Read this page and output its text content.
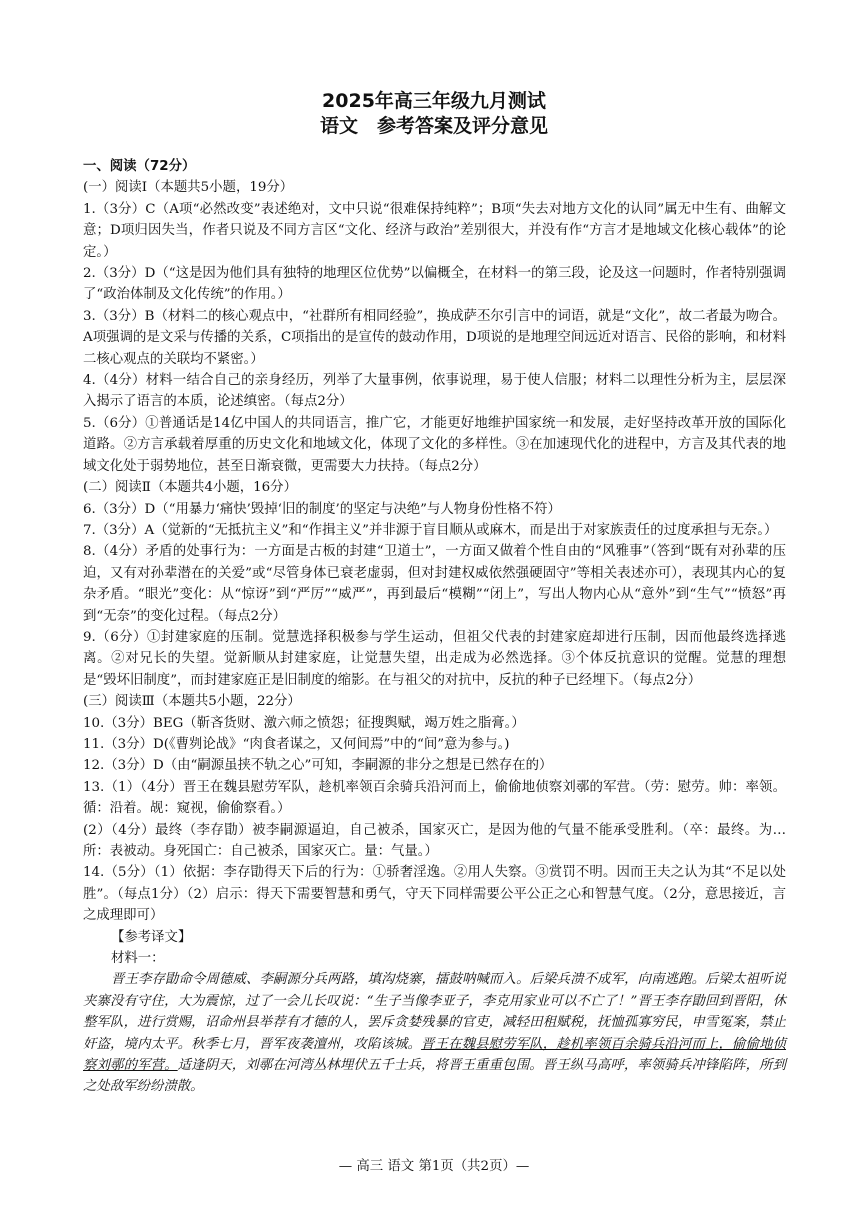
2025年高三年级九月测试
语文　参考答案及评分意见

一、阅读（72分）

(一）阅读Ⅰ（本题共5小题，19分）

1.（3分）C（A项“必然改变”表述绝对，文中只说“很难保持纯粹”；B项“失去对地方文化的认同”属无中生有、曲解文意；D项归因失当，作者只说及不同方言区“文化、经济与政治”差别很大，并没有作“方言才是地域文化核心载体”的论定。）

2.（3分）D（“这是因为他们具有独特的地理区位优势”以偏概全，在材料一的第三段，论及这一问题时，作者特别强调了“政治体制及文化传统”的作用。）

3.（3分）B（材料二的核心观点中，“社群所有相同经验”，换成萨丕尔引言中的词语，就是“文化”，故二者最为吻合。A项强调的是文采与传播的关系，C项指出的是宣传的鼓动作用，D项说的是地理空间远近对语言、民俗的影响，和材料二核心观点的关联均不紧密。）

4.（4分）材料一结合自己的亲身经历，列举了大量事例，依事说理，易于使人信服；材料二以理性分析为主，层层深入揭示了语言的本质，论述缜密。（每点2分）

5.（6分）①普通话是14亿中国人的共同语言，推广它，才能更好地维护国家统一和发展，走好坚持改革开放的国际化道路。②方言承载着厚重的历史文化和地域文化，体现了文化的多样性。③在加速现代化的进程中，方言及其代表的地域文化处于弱势地位，甚至日渐衰微，更需要大力扶持。（每点2分）

(二）阅读Ⅱ（本题共4小题，16分）

6.（3分）D（“用暴力‘痛快’毁掉‘旧的制度’的坚定与决绝”与人物身份性格不符）

7.（3分）A（觉新的“无抵抗主义”和“作揖主义”并非源于盲目顺从或麻木，而是出于对家族责任的过度承担与无奈。）

8.（4分）矛盾的处事行为：一方面是古板的封建“卫道士”，一方面又做着个性自由的“风雅事”（答到“既有对孙辈的压迫，又有对孙辈潜在的关爱”或“尽管身体已衰老虚弱，但对封建权威依然强硬固守”等相关表述亦可），表现其内心的复杂矛盾。“眼光”变化：从“惊讶”到“严厉”“威严”，再到最后“模糊”“闭上”，写出人物内心从“意外”到“生气”“愤怒”再到“无奈”的变化过程。（每点2分）

9.（6分）①封建家庭的压制。觉慧选择积极参与学生运动，但祖父代表的封建家庭却进行压制，因而他最终选择逃离。②对兄长的失望。觉新顺从封建家庭，让觉慧失望，出走成为必然选择。③个体反抗意识的觉醒。觉慧的理想是“毁坏旧制度”，而封建家庭正是旧制度的缩影。在与祖父的对抗中，反抗的种子已经埋下。（每点2分）

(三）阅读Ⅲ（本题共5小题，22分）

10.（3分）BEG（靳吝货财、激六师之愤怨；征搜舆赋，竭万姓之脂膏。）

11.（3分）D(《曹刿论战》“肉食者谋之，又何间焉”中的“间”意为参与。)

12.（3分）D（由“嗣源虽挟不轨之心”可知，李嗣源的非分之想是已然存在的）

13.（1）（4分）晋王在魏县慰劳军队，趁机率领百余骑兵沿河而上，偷偷地侦察刘鄩的军营。（劳：慰劳。帅：率领。循：沿着。觇：窥视，偷偷察看。）

(2）（4分）最终（李存勖）被李嗣源逼迫，自己被杀，国家灭亡，是因为他的气量不能承受胜利。（卒：最终。为…所：表被动。身死国亡：自己被杀，国家灭亡。量：气量。）

14.（5分）（1）依据：李存勖得天下后的行为：①骄奢淫逸。②用人失察。③赏罚不明。因而王夫之认为其“不足以处胜”。（每点1分）（2）启示：得天下需要智慧和勇气，守天下同样需要公平公正之心和智慧气度。（2分，意思接近，言之成理即可）

【参考译文】

材料一：

晋王李存勖命令周德威、李嗣源分兵两路，填沟烧寨，擂鼓呐喊而入。后梁兵溃不成军，向南逃跑。后梁太祖听说夹寨没有守住，大为震惊，过了一会儿长叹说：“生子当像李亚子，李克用家业可以不亡了！”晋王李存勖回到晋阳，休整军队，进行赏赐，诏命州县举荐有才德的人，罢斥贪婪残暴的官吏，减轻田租赋税，抚恤孤寡穷民，申雪冤案，禁止奸盗，境内太平。秋季七月，晋军夜袭澶州，攻陷该城。晋王在魏县慰劳军队，趁机率领百余骑兵沿河而上，偷偷地侦察刘鄩的军营。适逢阴天，刘鄩在河湾丛林埋伏五千士兵，将晋王重重包围。晋王纵马高呼，率领骑兵冲锋陷阵，所到之处敌军纷纷溃散。

— 高三 语文 第1页（共2页）—
